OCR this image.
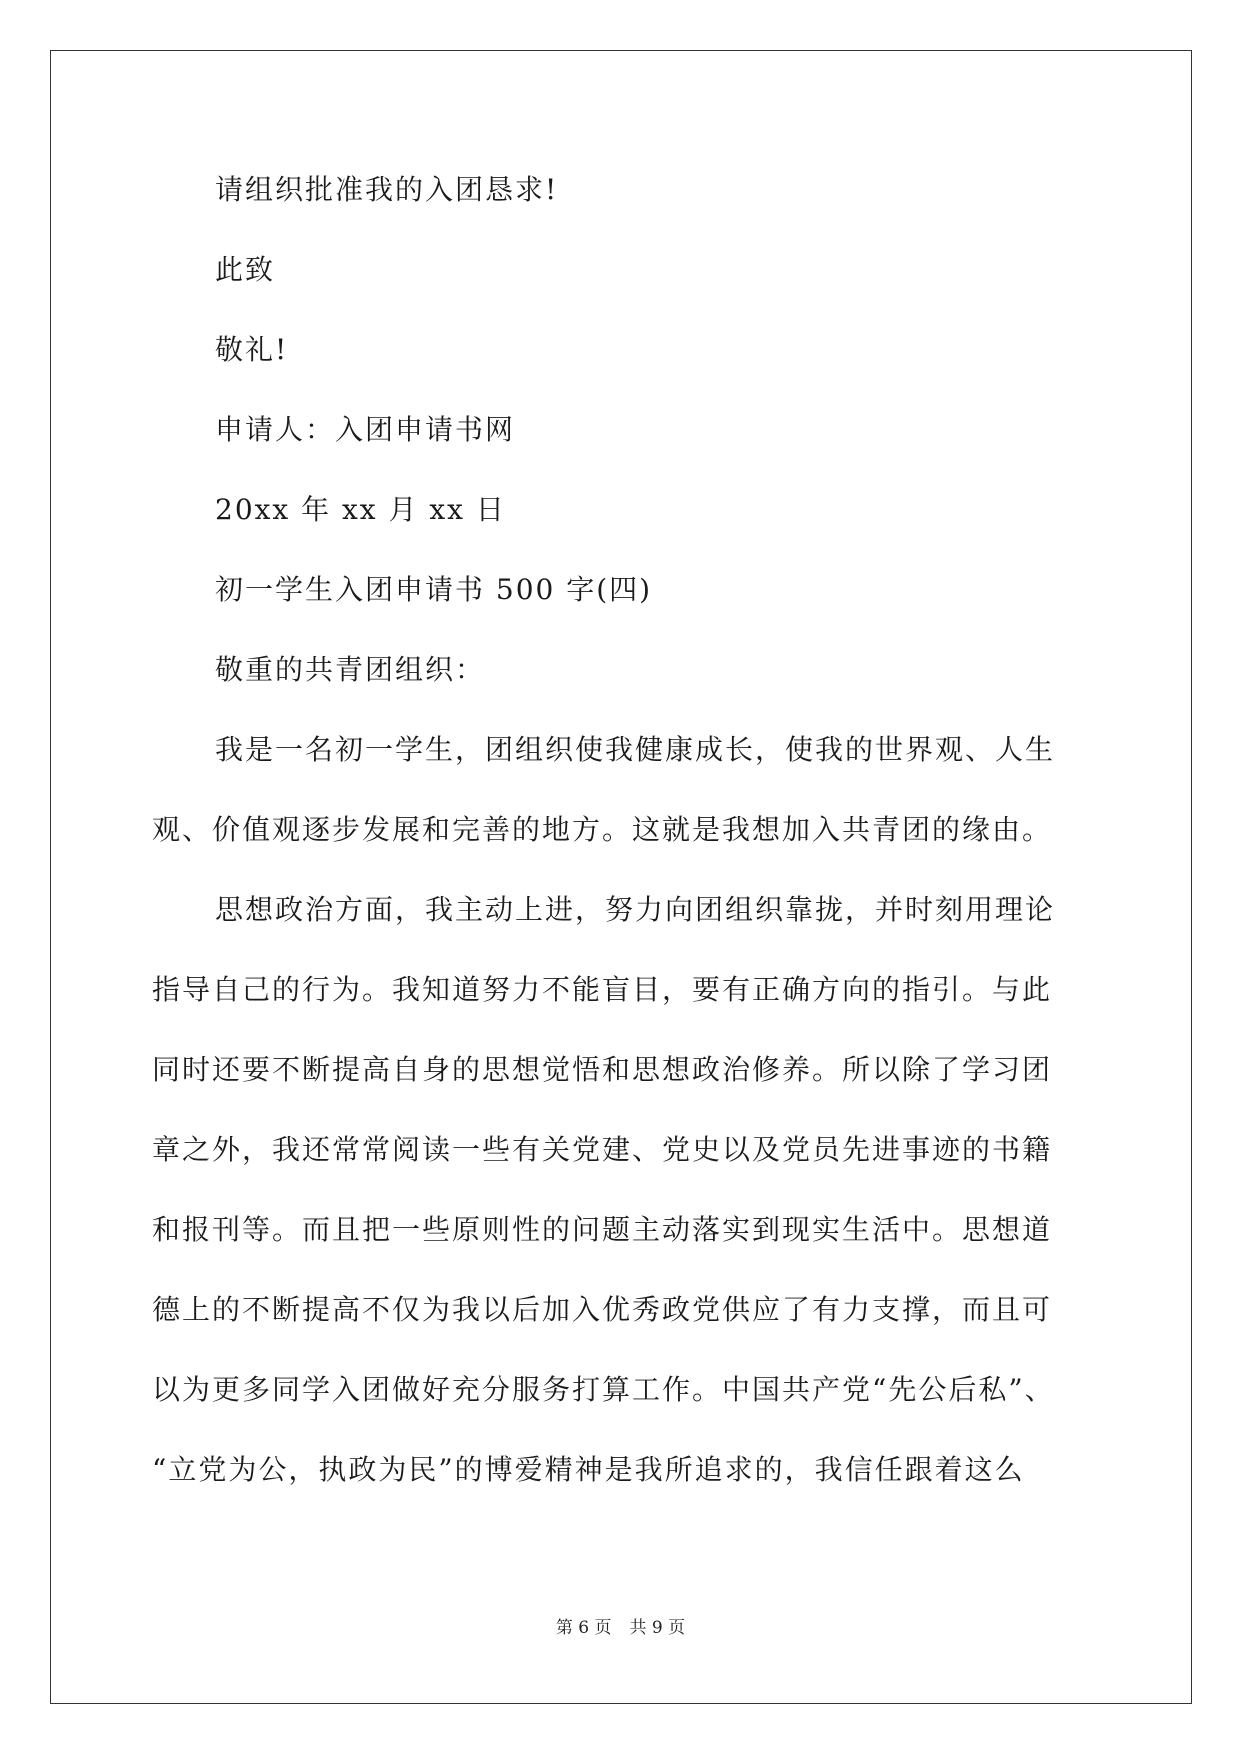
请组织批准我的入团恳求!
此致
敬礼!
申请人：入团申请书网
20xx 年 xx 月 xx 日
初一学生入团申请书 500 字(四)
敬重的共青团组织：
我是一名初一学生，团组织使我健康成长，使我的世界观、人生
观、价值观逐步发展和完善的地方。这就是我想加入共青团的缘由。
思想政治方面，我主动上进，努力向团组织靠拢，并时刻用理论
指导自己的行为。我知道努力不能盲目，要有正确方向的指引。与此
同时还要不断提高自身的思想觉悟和思想政治修养。所以除了学习团
章之外，我还常常阅读一些有关党建、党史以及党员先进事迹的书籍
和报刊等。而且把一些原则性的问题主动落实到现实生活中。思想道
德上的不断提高不仅为我以后加入优秀政党供应了有力支撑，而且可
以为更多同学入团做好充分服务打算工作。中国共产党“先公后私”、
“立党为公，执政为民”的博爱精神是我所追求的，我信任跟着这么
第 6 页 共 9 页
